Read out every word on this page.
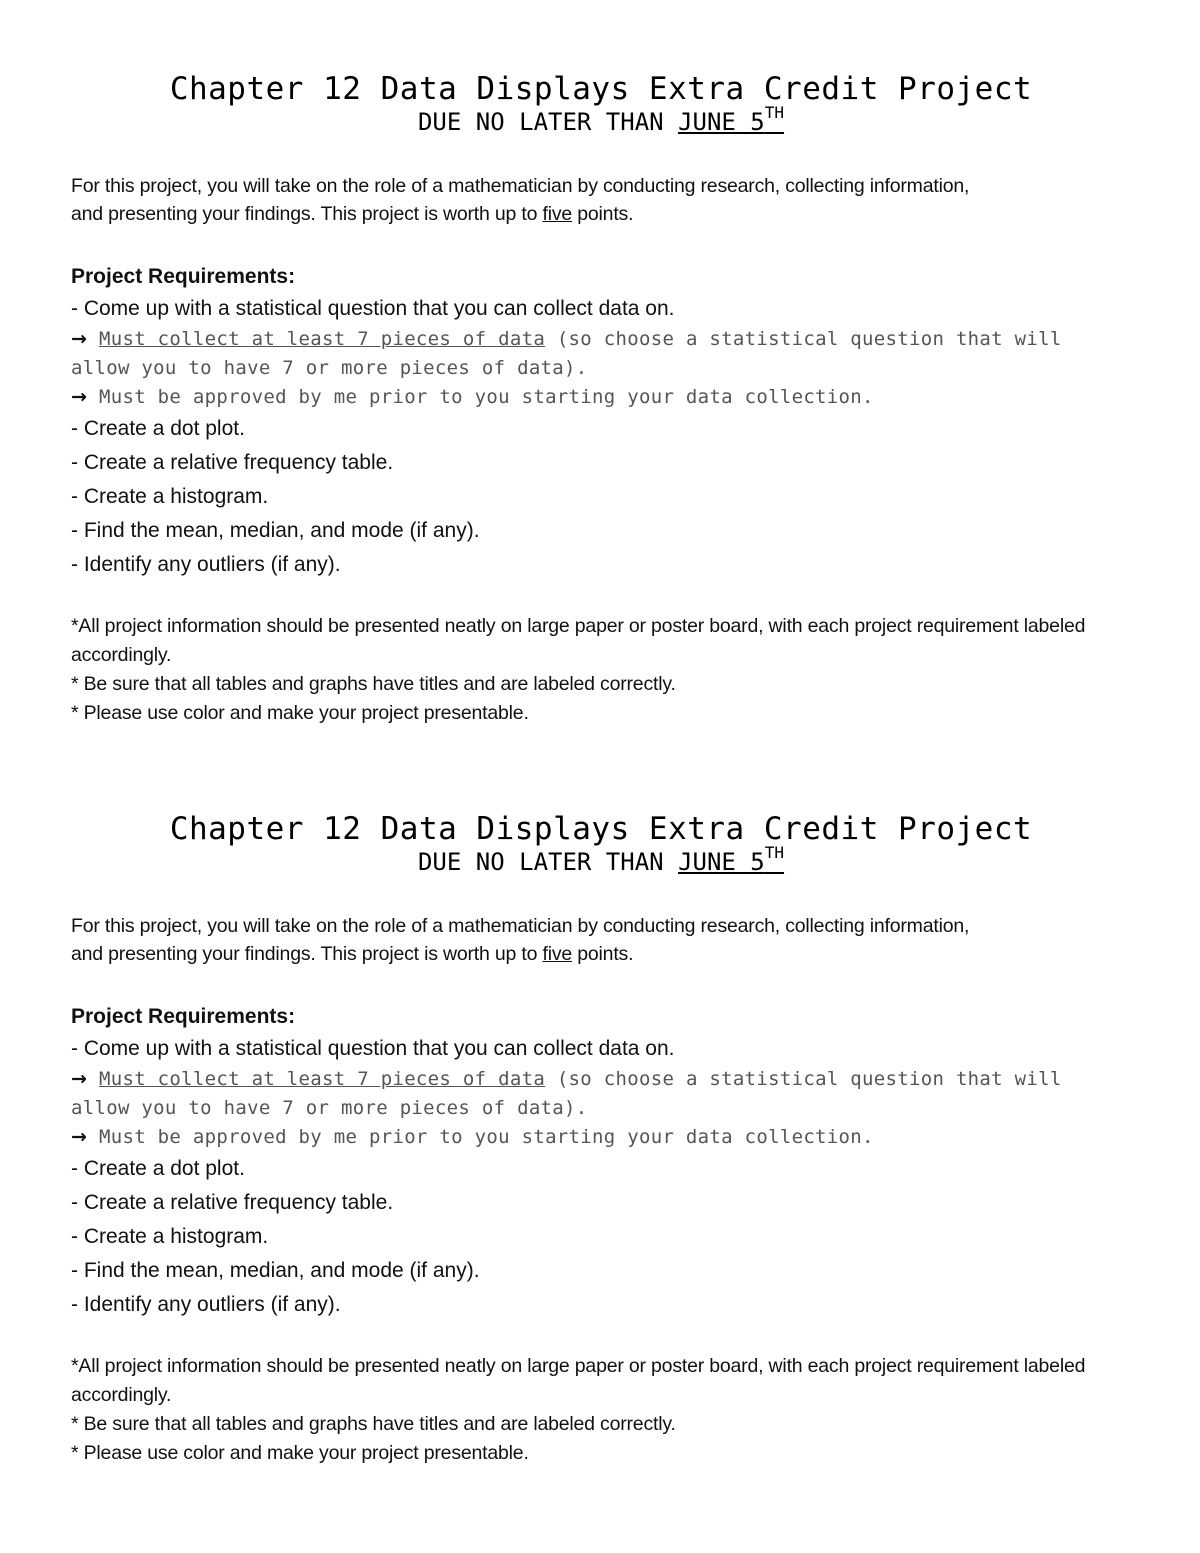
Chapter 12 Data Displays Extra Credit Project

DUE NO LATER THAN JUNE 5TH

For this project, you will take on the role of a mathematician by conducting research, collecting information,
and presenting your findings. This project is worth up to five points.

Project Requirements:

- Come up with a statistical question that you can collect data on.

→ Must collect at least 7 pieces of data (so choose a statistical question that will allow you to have 7 or more pieces of data).

→ Must be approved by me prior to you starting your data collection.

- Create a dot plot.

- Create a relative frequency table.

- Create a histogram.

- Find the mean, median, and mode (if any).

- Identify any outliers (if any).

*All project information should be presented neatly on large paper or poster board, with each project requirement labeled accordingly.

* Be sure that all tables and graphs have titles and are labeled correctly.

* Please use color and make your project presentable.

Chapter 12 Data Displays Extra Credit Project

DUE NO LATER THAN JUNE 5TH

For this project, you will take on the role of a mathematician by conducting research, collecting information,
and presenting your findings. This project is worth up to five points.

Project Requirements:

- Come up with a statistical question that you can collect data on.

→ Must collect at least 7 pieces of data (so choose a statistical question that will allow you to have 7 or more pieces of data).

→ Must be approved by me prior to you starting your data collection.

- Create a dot plot.

- Create a relative frequency table.

- Create a histogram.

- Find the mean, median, and mode (if any).

- Identify any outliers (if any).

*All project information should be presented neatly on large paper or poster board, with each project requirement labeled accordingly.

* Be sure that all tables and graphs have titles and are labeled correctly.

* Please use color and make your project presentable.
